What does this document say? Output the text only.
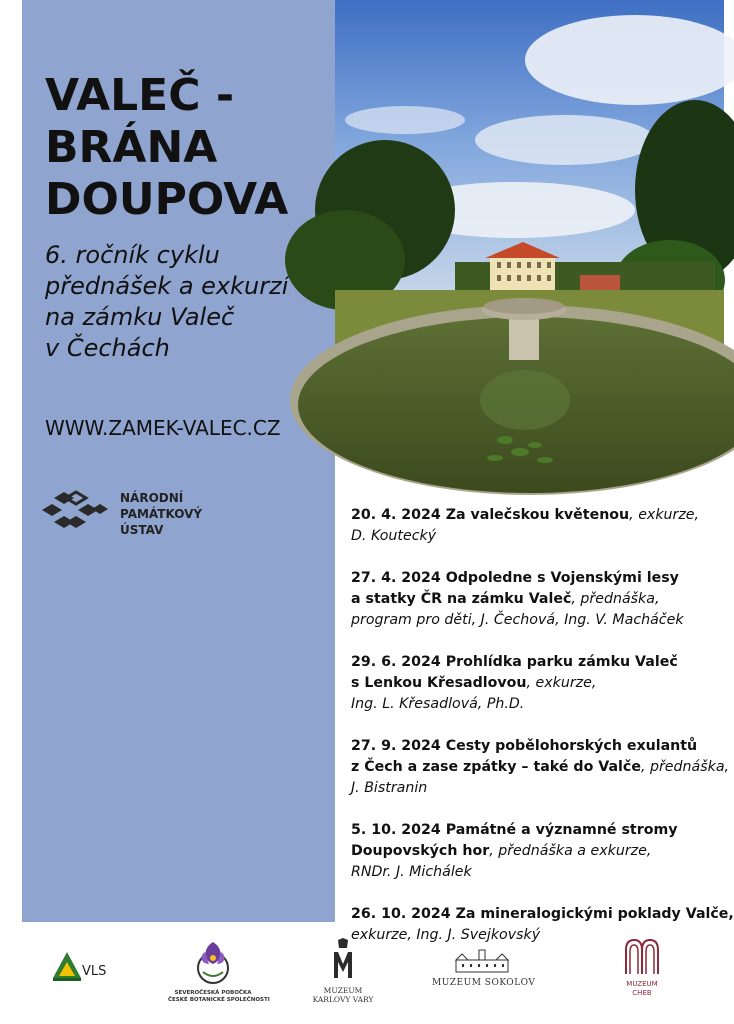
VALEČ -
BRÁNA
DOUPOVA
6. ročník cyklu
přednášek a exkurzí
na zámku Valeč
v Čechách
WWW.ZAMEK-VALEC.CZ
NÁRODNÍ
PAMÁTKOVÝ
ÚSTAV
20. 4. 2024 Za valečskou květenou, exkurze,
D. Koutecký
27. 4. 2024 Odpoledne s Vojenskými lesy
a statky ČR na zámku Valeč, přednáška,
program pro děti, J. Čechová, Ing. V. Macháček
29. 6. 2024 Prohlídka parku zámku Valeč
s Lenkou Křesadlovou, exkurze,
Ing. L. Křesadlová, Ph.D.
27. 9. 2024 Cesty pobělohorských exulantů
z Čech a zase zpátky – také do Valče, přednáška,
J. Bistranin
5. 10. 2024 Památné a významné stromy
Doupovských hor, přednáška a exkurze,
RNDr. J. Michálek
26. 10. 2024 Za mineralogickými poklady Valče,
exkurze, Ing. J. Svejkovský
VLS
SEVEROČESKÁ POBOČKA
ČESKÉ BOTANICKÉ SPOLEČNOSTI
MUZEUM
KARLOVY VARY
MUZEUM SOKOLOV	MUZEUM
CHEB
